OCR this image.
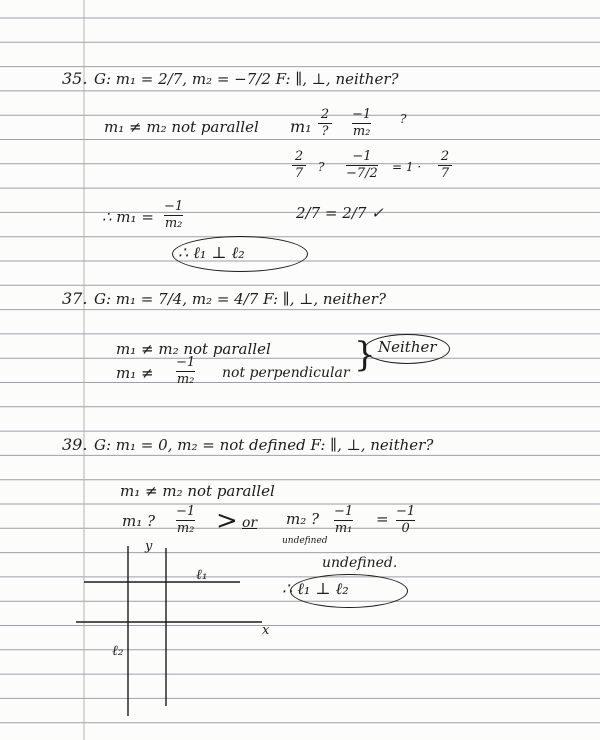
35. G: m₁ = 2/7, m₂ = −7/2 F: ∥, ⊥, neither?
m₁ ≠ m₂ not parallel m₁
2
?
−1
m₂
?
2
7 ?
−1
−7/2 = 1 ·
2
7
∴ m₁ =
−1
m₂
2/7 = 2/7 ✓
∴ ℓ₁ ⊥ ℓ₂
37. G: m₁ = 7/4, m₂ = 4/7 F: ∥, ⊥, neither?
m₁ ≠ m₂ not parallel
m₁ ≠
−1
m₂ not perpendicular } Neither
39. G: m₁ = 0, m₂ = not defined F: ∥, ⊥, neither?
m₁ ≠ m₂ not parallel
m₁ ?
−1
m₂ > or m₂ ?
undefined
−1
m₁
= −1
0
undefined.
∴ ℓ₁ ⊥ ℓ₂
y
ℓ₁
x
ℓ₂
